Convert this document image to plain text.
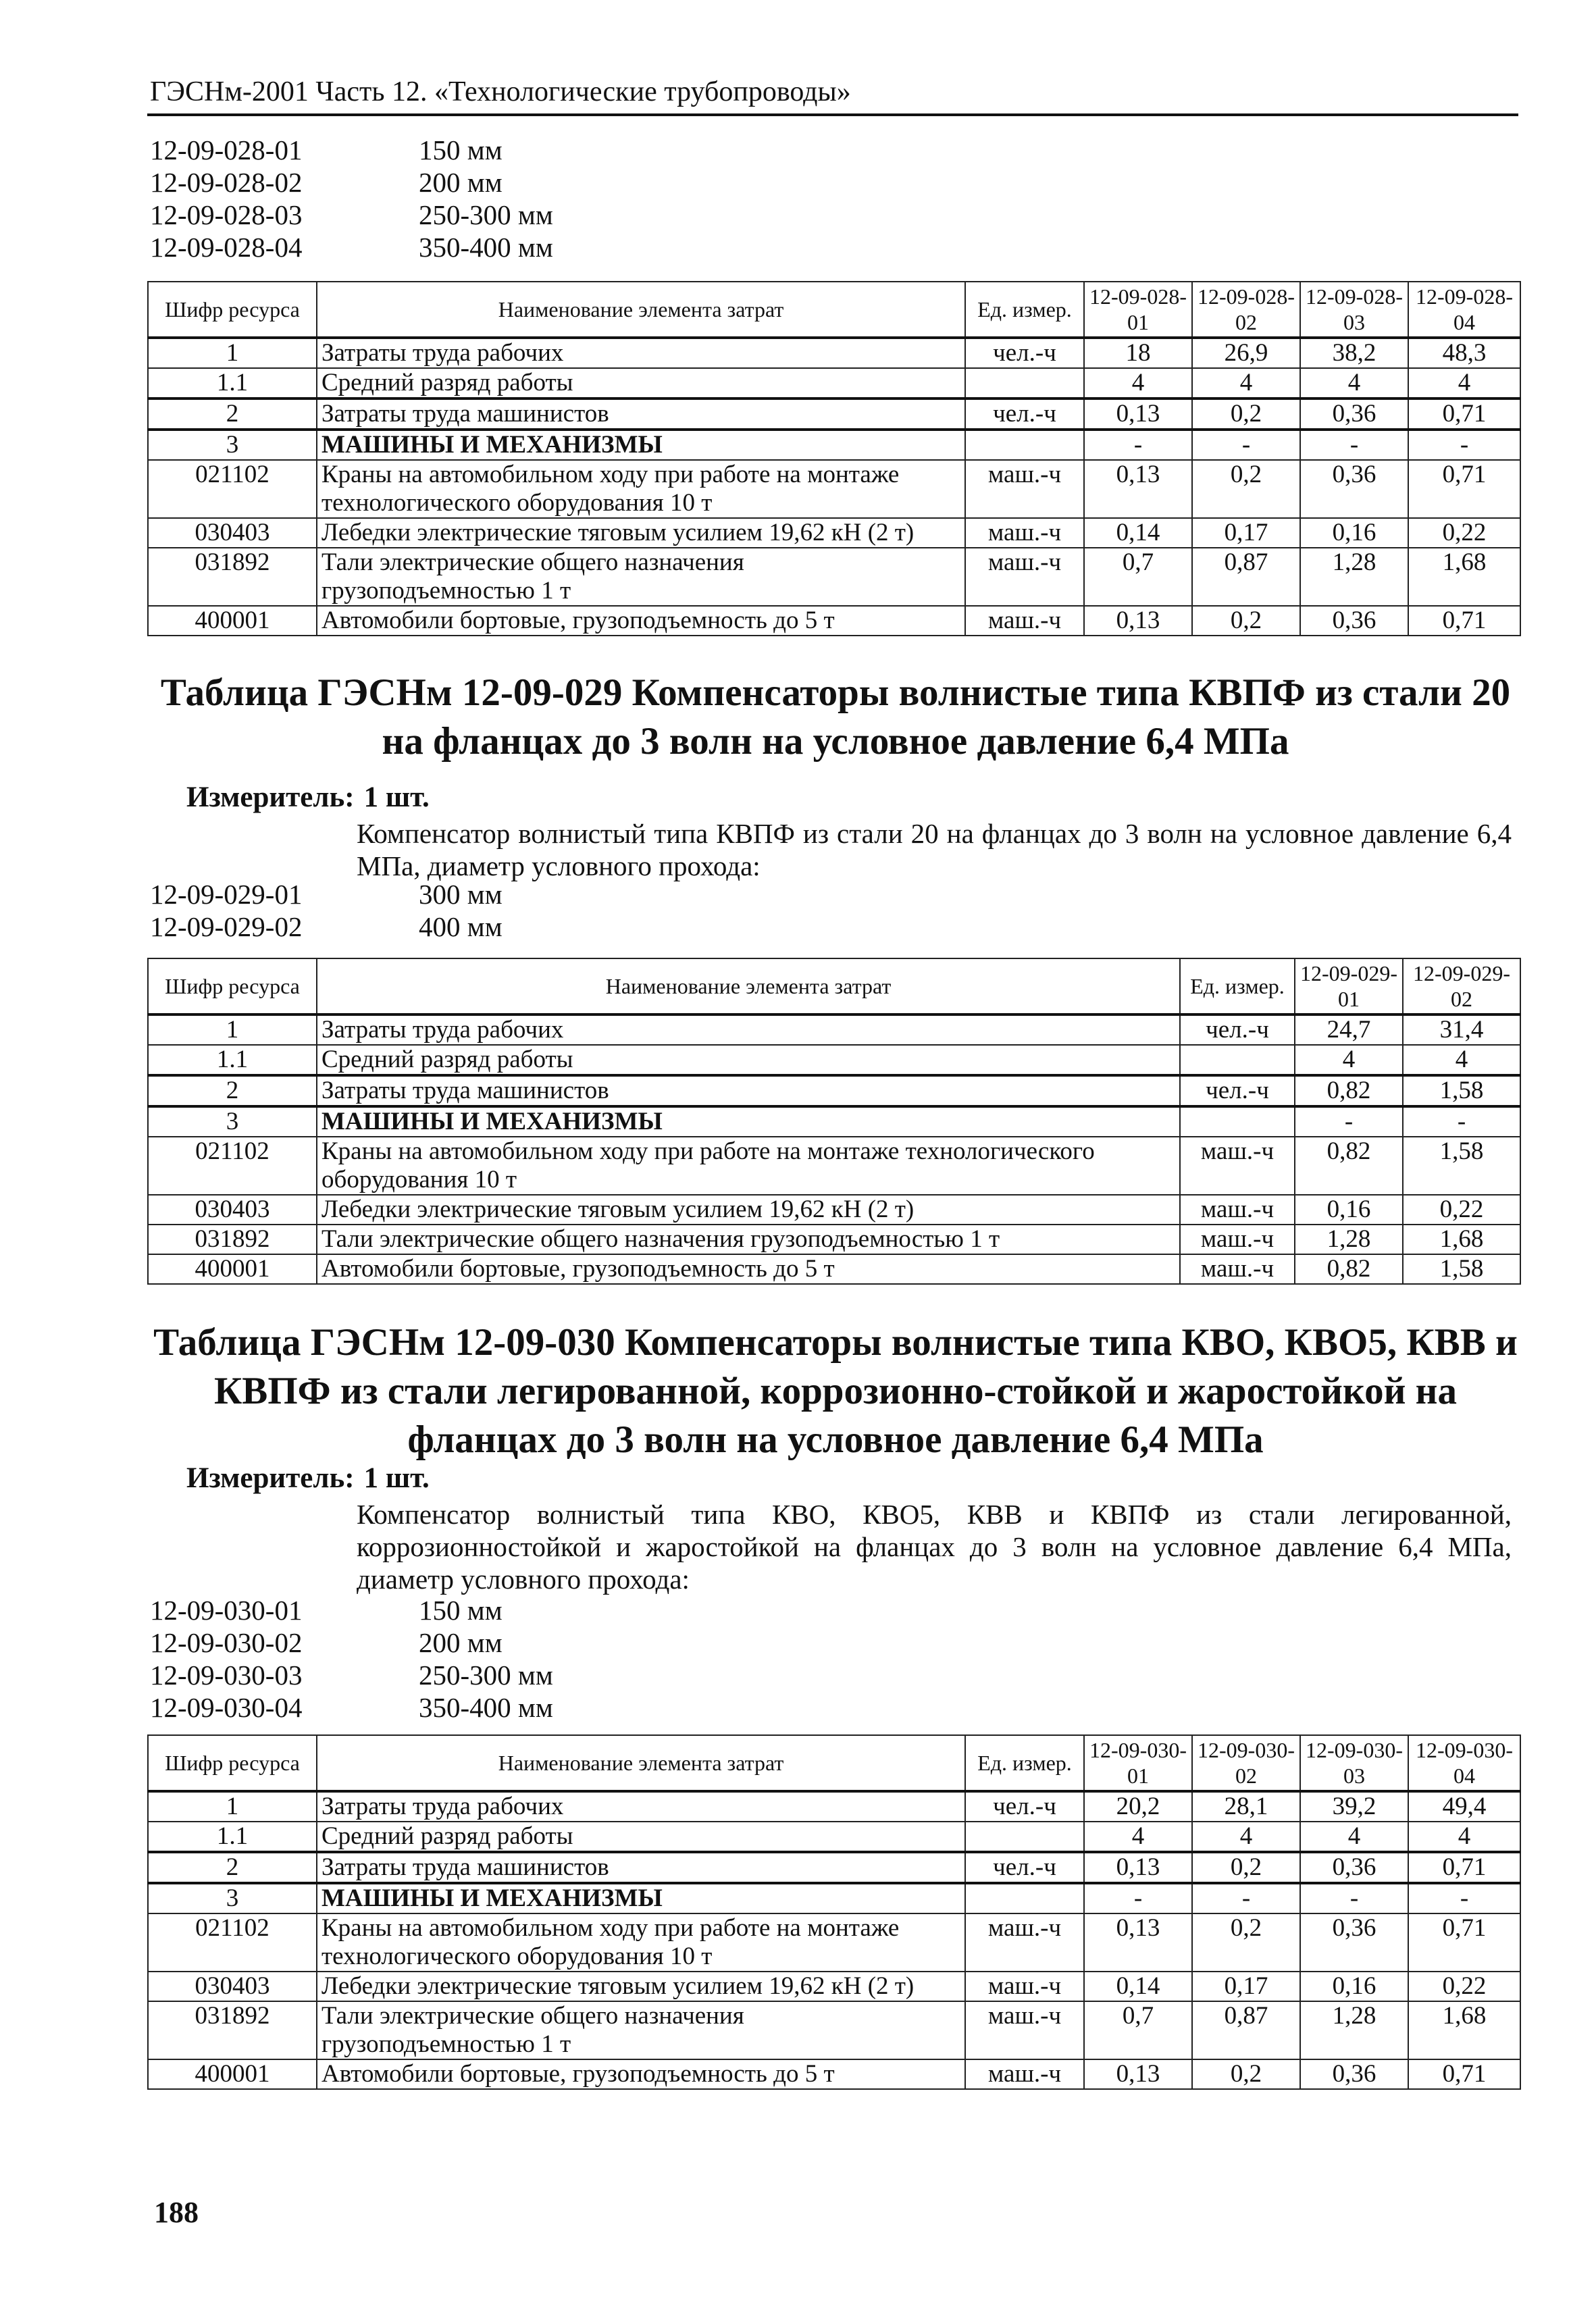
ГЭСНм-2001 Часть 12. «Технологические трубопроводы»
12-09-028-01	150 мм
12-09-028-02	200 мм
12-09-028-03	250-300 мм
12-09-028-04	350-400 мм
Шифр ресурса	Наименование элемента затрат	Ед. измер.	12-09-028-01	12-09-028-02	12-09-028-03	12-09-028-04
1	Затраты труда рабочих	чел.-ч	18	26,9	38,2	48,3
1.1	Средний разряд работы		4	4	4	4
2	Затраты труда машинистов	чел.-ч	0,13	0,2	0,36	0,71
3	МАШИНЫ И МЕХАНИЗМЫ		-	-	-	-
021102	Краны на автомобильном ходу при работе на монтаже технологического оборудования 10 т	маш.-ч	0,13	0,2	0,36	0,71
030403	Лебедки электрические тяговым усилием 19,62 кН (2 т)	маш.-ч	0,14	0,17	0,16	0,22
031892	Тали электрические общего назначения грузоподъемностью 1 т	маш.-ч	0,7	0,87	1,28	1,68
400001	Автомобили бортовые, грузоподъемность до 5 т	маш.-ч	0,13	0,2	0,36	0,71
Таблица ГЭСНм 12-09-029 Компенсаторы волнистые типа КВПФ из стали 20 на фланцах до 3 волн на условное давление 6,4 МПа
Измеритель: 1 шт.
Компенсатор волнистый типа КВПФ из стали 20 на фланцах до 3 волн на условное давление 6,4 МПа, диаметр условного прохода:
12-09-029-01	300 мм
12-09-029-02	400 мм
Шифр ресурса	Наименование элемента затрат	Ед. измер.	12-09-029-01	12-09-029-02
1	Затраты труда рабочих	чел.-ч	24,7	31,4
1.1	Средний разряд работы		4	4
2	Затраты труда машинистов	чел.-ч	0,82	1,58
3	МАШИНЫ И МЕХАНИЗМЫ		-	-
021102	Краны на автомобильном ходу при работе на монтаже технологического оборудования 10 т	маш.-ч	0,82	1,58
030403	Лебедки электрические тяговым усилием 19,62 кН (2 т)	маш.-ч	0,16	0,22
031892	Тали электрические общего назначения грузоподъемностью 1 т	маш.-ч	1,28	1,68
400001	Автомобили бортовые, грузоподъемность до 5 т	маш.-ч	0,82	1,58
Таблица ГЭСНм 12-09-030 Компенсаторы волнистые типа КВО, КВО5, КВВ и КВПФ из стали легированной, коррозионно-стойкой и жаростойкой на фланцах до 3 волн на условное давление 6,4 МПа
Измеритель: 1 шт.
Компенсатор волнистый типа КВО, КВО5, КВВ и КВПФ из стали легированной, коррозионностойкой и жаростойкой на фланцах до 3 волн на условное давление 6,4 МПа, диаметр условного прохода:
12-09-030-01	150 мм
12-09-030-02	200 мм
12-09-030-03	250-300 мм
12-09-030-04	350-400 мм
Шифр ресурса	Наименование элемента затрат	Ед. измер.	12-09-030-01	12-09-030-02	12-09-030-03	12-09-030-04
1	Затраты труда рабочих	чел.-ч	20,2	28,1	39,2	49,4
1.1	Средний разряд работы		4	4	4	4
2	Затраты труда машинистов	чел.-ч	0,13	0,2	0,36	0,71
3	МАШИНЫ И МЕХАНИЗМЫ		-	-	-	-
021102	Краны на автомобильном ходу при работе на монтаже технологического оборудования 10 т	маш.-ч	0,13	0,2	0,36	0,71
030403	Лебедки электрические тяговым усилием 19,62 кН (2 т)	маш.-ч	0,14	0,17	0,16	0,22
031892	Тали электрические общего назначения грузоподъемностью 1 т	маш.-ч	0,7	0,87	1,28	1,68
400001	Автомобили бортовые, грузоподъемность до 5 т	маш.-ч	0,13	0,2	0,36	0,71
188
